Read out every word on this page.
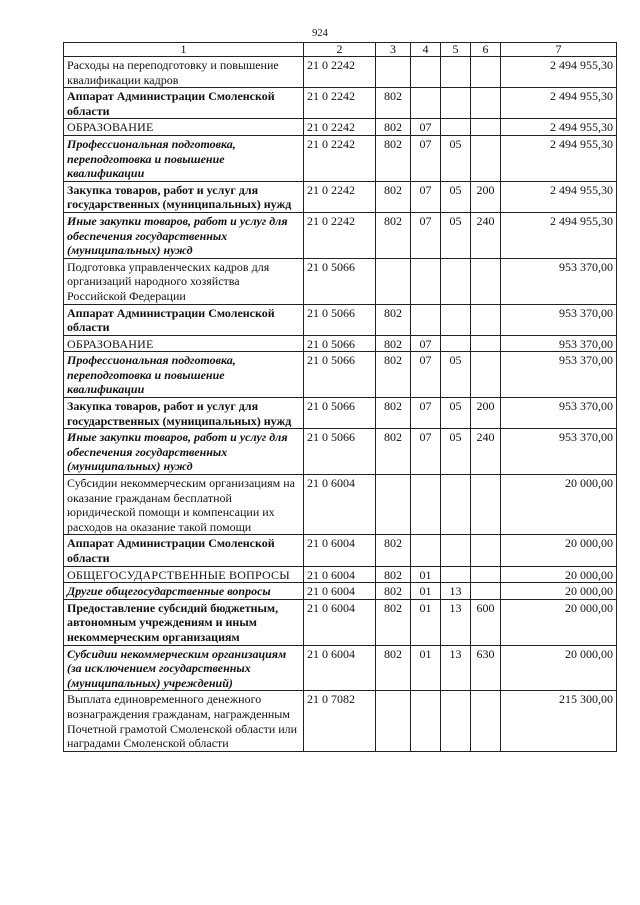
924
1	2	3	4	5	6	7
Расходы на переподготовку и повышение квалификации кадров	21 0 2242					2 494 955,30
Аппарат Администрации Смоленской области	21 0 2242	802				2 494 955,30
ОБРАЗОВАНИЕ	21 0 2242	802	07			2 494 955,30
Профессиональная подготовка, переподготовка и повышение квалификации	21 0 2242	802	07	05		2 494 955,30
Закупка товаров, работ и услуг для государственных (муниципальных) нужд	21 0 2242	802	07	05	200	2 494 955,30
Иные закупки товаров, работ и услуг для обеспечения государственных (муниципальных) нужд	21 0 2242	802	07	05	240	2 494 955,30
Подготовка управленческих кадров для организаций народного хозяйства Российской Федерации	21 0 5066					953 370,00
Аппарат Администрации Смоленской области	21 0 5066	802				953 370,00
ОБРАЗОВАНИЕ	21 0 5066	802	07			953 370,00
Профессиональная подготовка, переподготовка и повышение квалификации	21 0 5066	802	07	05		953 370,00
Закупка товаров, работ и услуг для государственных (муниципальных) нужд	21 0 5066	802	07	05	200	953 370,00
Иные закупки товаров, работ и услуг для обеспечения государственных (муниципальных) нужд	21 0 5066	802	07	05	240	953 370,00
Субсидии некоммерческим организациям на оказание гражданам бесплатной юридической помощи и компенсации их расходов на оказание такой помощи	21 0 6004					20 000,00
Аппарат Администрации Смоленской области	21 0 6004	802				20 000,00
ОБЩЕГОСУДАРСТВЕННЫЕ ВОПРОСЫ	21 0 6004	802	01			20 000,00
Другие общегосударственные вопросы	21 0 6004	802	01	13		20 000,00
Предоставление субсидий бюджетным, автономным учреждениям и иным некоммерческим организациям	21 0 6004	802	01	13	600	20 000,00
Субсидии некоммерческим организациям (за исключением государственных (муниципальных) учреждений)	21 0 6004	802	01	13	630	20 000,00
Выплата единовременного денежного вознаграждения гражданам, награжденным Почетной грамотой Смоленской области или наградами Смоленской области	21 0 7082					215 300,00
